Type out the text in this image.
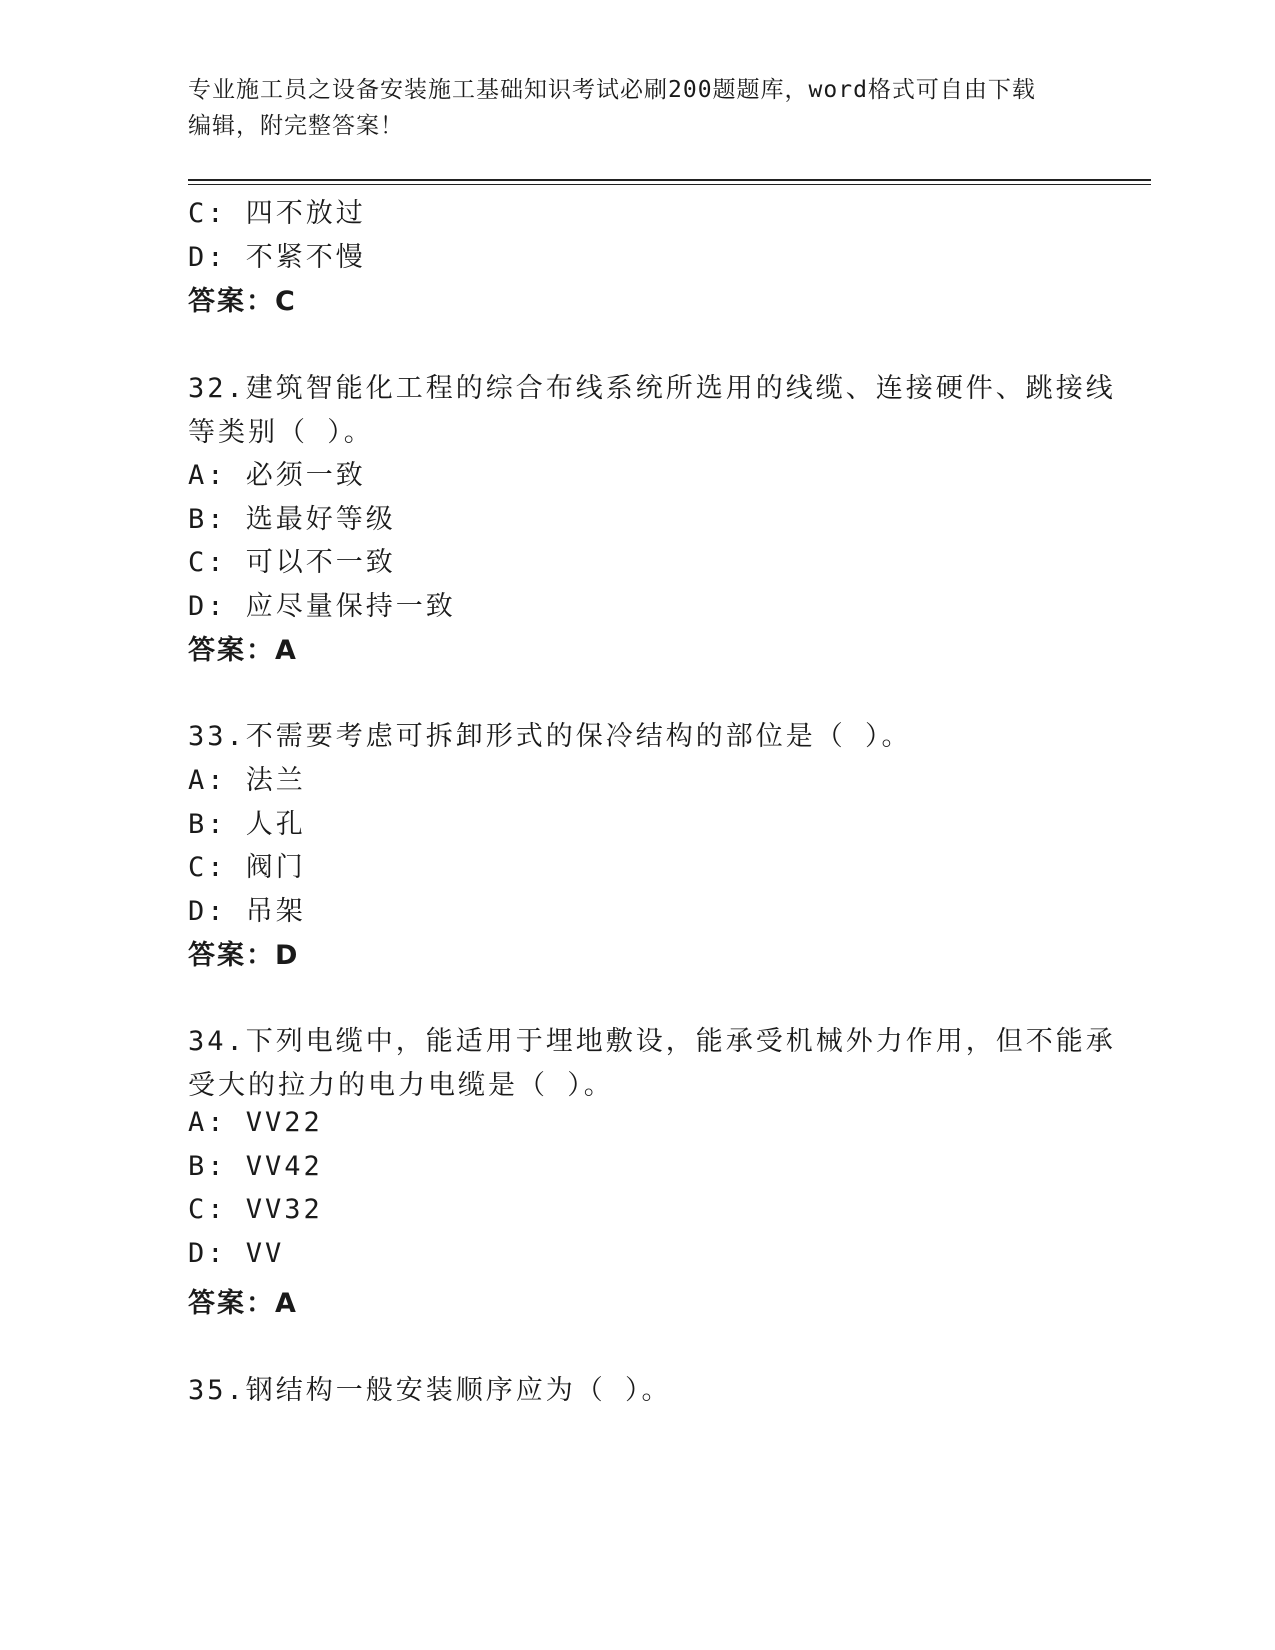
专业施工员之设备安装施工基础知识考试必刷200题题库，word格式可自由下载
编辑，附完整答案！
C: 四不放过
D: 不紧不慢
答案：C
32.建筑智能化工程的综合布线系统所选用的线缆、连接硬件、跳接线
等类别（ ）。
A: 必须一致
B: 选最好等级
C: 可以不一致
D: 应尽量保持一致
答案：A
33.不需要考虑可拆卸形式的保冷结构的部位是（ ）。
A: 法兰
B: 人孔
C: 阀门
D: 吊架
答案：D
34.下列电缆中，能适用于埋地敷设，能承受机械外力作用，但不能承
受大的拉力的电力电缆是（ ）。
A: VV22
B: VV42
C: VV32
D: VV
答案：A
35.钢结构一般安装顺序应为（ ）。
